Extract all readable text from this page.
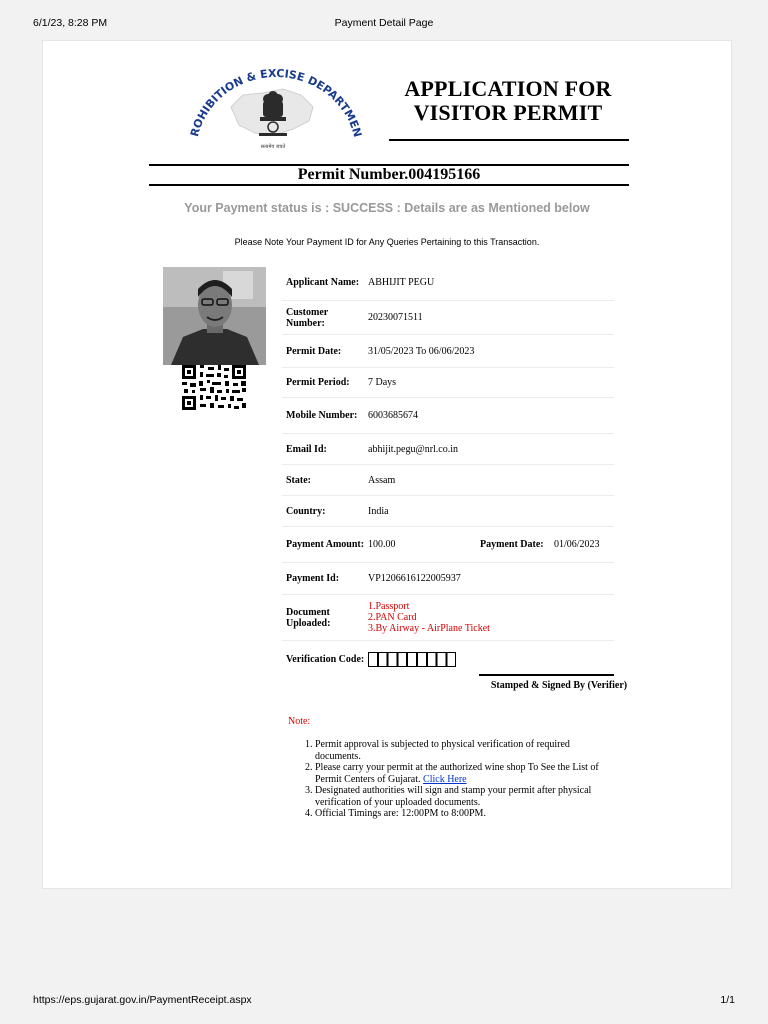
6/1/23, 8:28 PM	Payment Detail Page
ROHIBITION & EXCISE DEPARTMEN
सत्यमेव जयते
APPLICATION FOR
VISITOR PERMIT
Permit Number.004195166
Your Payment status is : SUCCESS : Details are as Mentioned below
Please Note Your Payment ID for Any Queries Pertaining to this Transaction.
Applicant Name: ABHIJIT PEGU
Customer Number:	20230071511
Permit Date:	31/05/2023 To 06/06/2023
Permit Period:	7 Days
Mobile Number:	6003685674
Email Id:	abhijit.pegu@nrl.co.in
State:	Assam
Country:	India
Payment Amount: 100.00	Payment Date:	01/06/2023
Payment Id:	VP1206616122005937
Document Uploaded:
1.Passport
2.PAN Card
3.By Airway - AirPlane Ticket
Verification Code:
Stamped & Signed By (Verifier)
Note:
1. Permit approval is subjected to physical verification of required documents.
2. Please carry your permit at the authorized wine shop To See the List of Permit Centers of Gujarat. Click Here
3. Designated authorities will sign and stamp your permit after physical verification of your uploaded documents.
4. Official Timings are: 12:00PM to 8:00PM.
https://eps.gujarat.gov.in/PaymentReceipt.aspx	1/1
